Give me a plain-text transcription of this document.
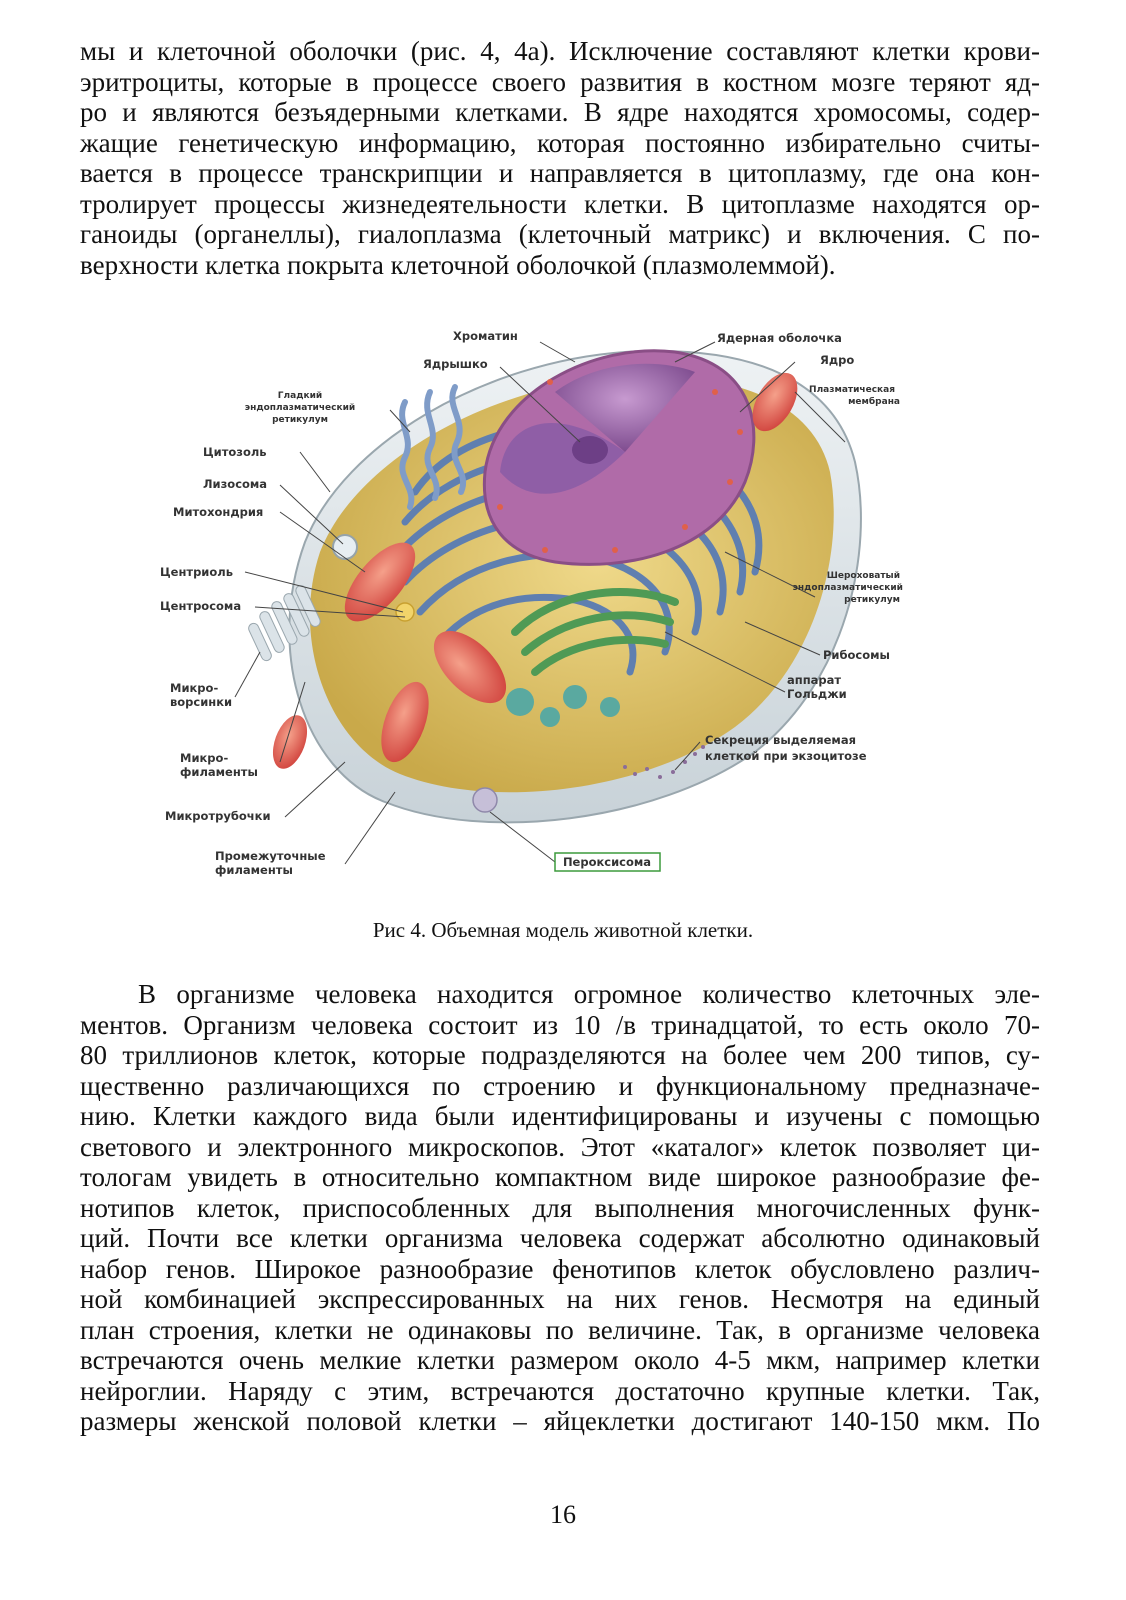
мы и клеточной оболочки (рис. 4, 4а). Исключение составляют клетки крови-
эритроциты, которые в процессе своего развития в костном мозге теряют яд-
ро и являются безъядерными клетками. В ядре находятся хромосомы, содер-
жащие генетическую информацию, которая постоянно избирательно считы-
вается в процессе транскрипции и направляется в цитоплазму, где она кон-
тролирует процессы жизнедеятельности клетки. В цитоплазме находятся ор-
ганоиды (органеллы), гиалоплазма (клеточный матрикс) и включения. С по-
верхности клетка покрыта клеточной оболочкой (плазмолеммой).
Хроматин
Ядрышко
Гладкий
эндоплазматический
ретикулум
Цитозоль
Лизосома
Митохондрия
Центриоль
Центросома
Микро-
ворсинки
Микро-
филаменты
Микротрубочки
Промежуточные
филаменты
Ядерная оболочка
Ядро
Плазматическая
мембрана
Шероховатый
эндоплазматический
ретикулум
Рибосомы
аппарат
Гольджи
Секреция выделяемая
клеткой при экзоцитозе
Пероксисома
Рис 4. Объемная модель животной клетки.
В организме человека находится огромное количество клеточных эле-
ментов. Организм человека состоит из 10 /в тринадцатой, то есть около 70-
80 триллионов клеток, которые подразделяются на более чем 200 типов, су-
щественно различающихся по строению и функциональному предназначе-
нию. Клетки каждого вида были идентифицированы и изучены с помощью
светового и электронного микроскопов. Этот «каталог» клеток позволяет ци-
тологам увидеть в относительно компактном виде широкое разнообразие фе-
нотипов клеток, приспособленных для выполнения многочисленных функ-
ций. Почти все клетки организма человека содержат абсолютно одинаковый
набор генов. Широкое разнообразие фенотипов клеток обусловлено различ-
ной комбинацией экспрессированных на них генов. Несмотря на единый
план строения, клетки не одинаковы по величине. Так, в организме человека
встречаются очень мелкие клетки размером около 4-5 мкм, например клетки
нейроглии. Наряду с этим, встречаются достаточно крупные клетки. Так,
размеры женской половой клетки – яйцеклетки достигают 140-150 мкм. По
16
